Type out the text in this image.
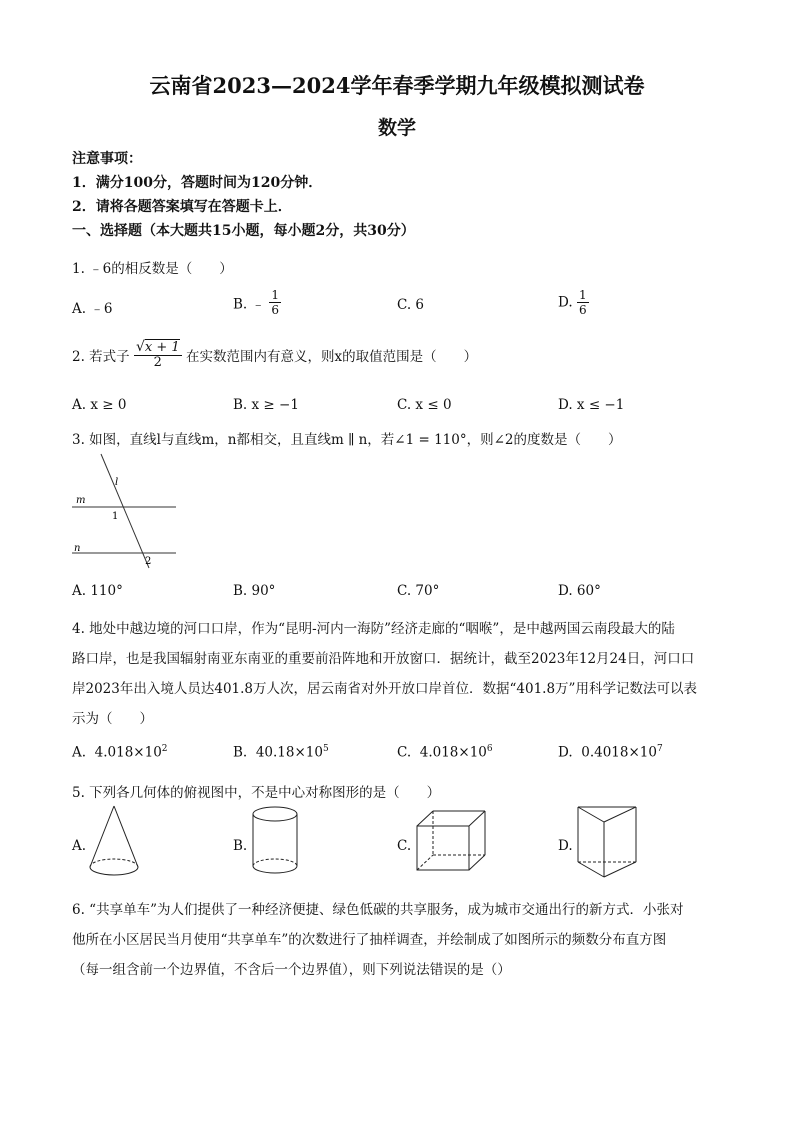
云南省2023—2024学年春季学期九年级模拟测试卷
数学
注意事项：
1．满分100分，答题时间为120分钟．
2．请将各题答案填写在答题卡上．
一、选择题（本大题共15小题，每小题2分，共30分）
1. ﹣6的相反数是（　　）
A. ﹣6	B. ﹣ $\frac{1}{6}$	C. 6	D. $\frac{1}{6}$
2. 若式子 $\frac{√x + 1}{2}$ 在实数范围内有意义，则x的取值范围是（　　）
A. x ≥ 0	B. x ≥ −1	C. x ≤ 0	D. x ≤ −1
3. 如图，直线l与直线m，n都相交，且直线m ∥ n，若∠1 = 110°，则∠2的度数是（　　）
l
m
n
1
2
A. 110°	B. 90°	C. 70°	D. 60°
4. 地处中越边境的河口口岸，作为“昆明-河内一海防”经济走廊的“咽喉”，是中越两国云南段最大的陆
路口岸，也是我国辐射南亚东南亚的重要前沿阵地和开放窗口．据统计，截至2023年12月24日，河口口
岸2023年出入境人员达401.8万人次，居云南省对外开放口岸首位．数据“401.8万”用科学记数法可以表
示为（　　）
A. $4.018\times 10^2$	B. $40.18\times 10^5$	C. $4.018\times 10^6$	D. $0.4018\times 10^7$
5. 下列各几何体的俯视图中，不是中心对称图形的是（　　）
A.	B.	C.	D.
6. “共享单车”为人们提供了一种经济便捷、绿色低碳的共享服务，成为城市交通出行的新方式．小张对
他所在小区居民当月使用“共享单车”的次数进行了抽样调查，并绘制成了如图所示的频数分布直方图
（每一组含前一个边界值，不含后一个边界值），则下列说法错误的是（）
